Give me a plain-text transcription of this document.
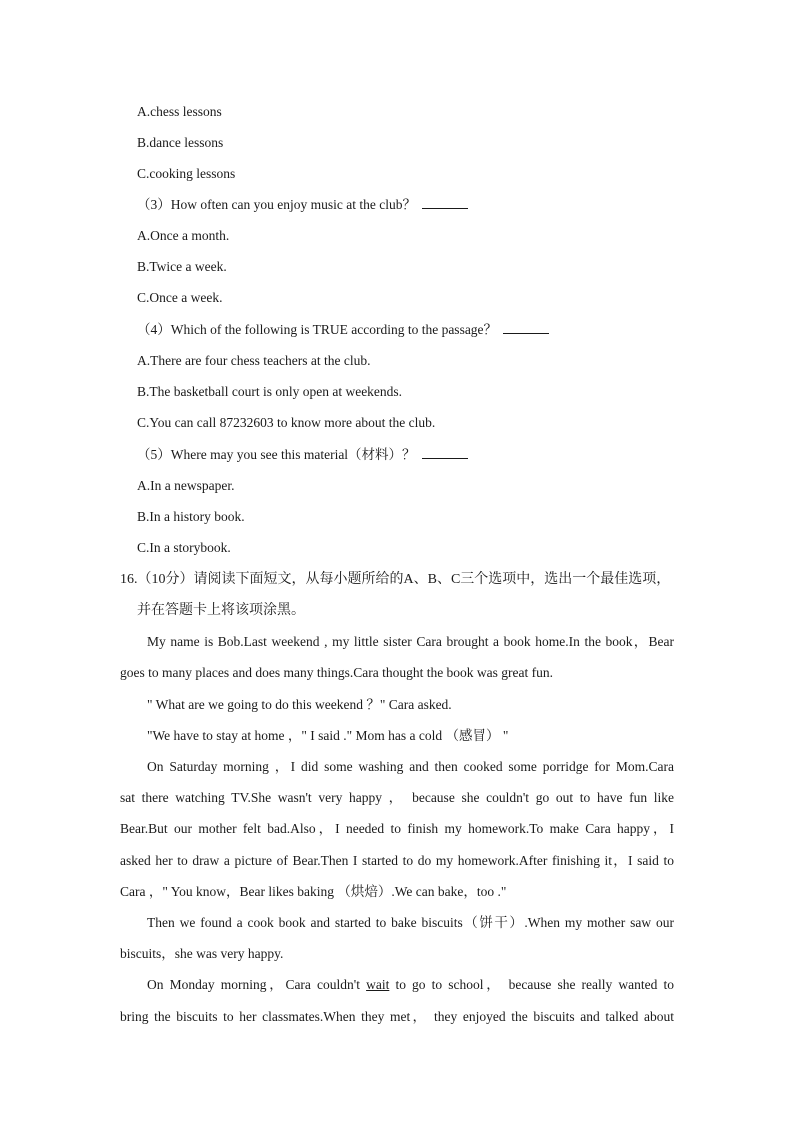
A.chess lessons
B.dance lessons
C.cooking lessons
（3）How often can you enjoy music at the club？
A.Once a month.
B.Twice a week.
C.Once a week.
（4）Which of the following is TRUE according to the passage？
A.There are four chess teachers at the club.
B.The basketball court is only open at weekends.
C.You can call 87232603 to know more about the club.
（5）Where may you see this material（材料）？
A.In a newspaper.
B.In a history book.
C.In a storybook.
16.（10分）请阅读下面短文，从每小题所给的A、B、C三个选项中，选出一个最佳选项，
并在答题卡上将该项涂黑。
My name is Bob.Last weekend , my little sister Cara brought a book home.In the book，Bear
goes to many places and does many things.Cara thought the book was great fun.
" What are we going to do this weekend ？" Cara asked.
"We have to stay at home ，" I said ." Mom has a cold （感冒） "
On Saturday morning ，I did some washing and then cooked some porridge for Mom.Cara
sat there watching TV.She wasn't very happy ， because she couldn't go out to have fun like
Bear.But our mother felt bad.Also，I needed to finish my homework.To make Cara happy，I
asked her to draw a picture of Bear.Then I started to do my homework.After finishing it，I said to
Cara ，" You know，Bear likes baking （烘焙）.We can bake，too ."
Then we found a cook book and started to bake biscuits（饼干）.When my mother saw our
biscuits，she was very happy.
On Monday morning，Cara couldn't wait to go to school， because she really wanted to
bring the biscuits to her classmates.When they met， they enjoyed the biscuits and talked about
